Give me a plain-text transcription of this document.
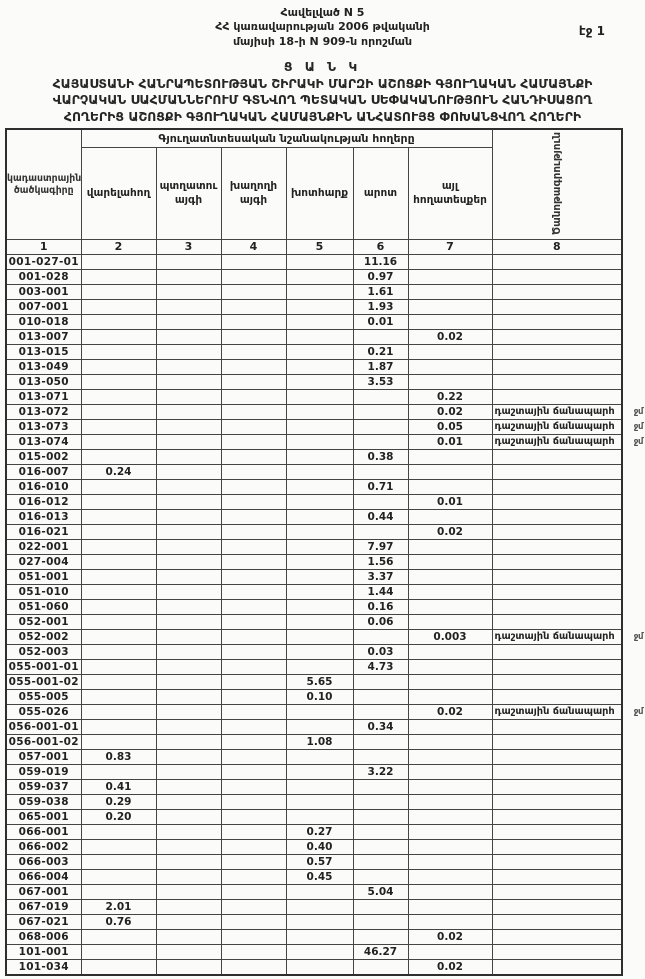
Հավելված N 5
ՀՀ կառավարության 2006 թվականի
մայիսի 18-ի N 909-ն որոշման
էջ 1
Ց Ա Ն Կ
ՀԱՅԱՍՏԱՆԻ ՀԱՆՐԱՊԵՏՈՒԹՅԱՆ ՇԻՐԱԿԻ ՄԱՐԶԻ ԱՇՈՑՔԻ ԳՅՈՒՂԱԿԱՆ ՀԱՄԱՅՆՔԻ
ՎԱՐՉԱԿԱՆ ՍԱՀՄԱՆՆԵՐՈՒՄ ԳՏՆՎՈՂ ՊԵՏԱԿԱՆ ՍԵՓԱԿԱՆՈՒԹՅՈՒՆ ՀԱՆԴԻՍԱՑՈՂ
ՀՈՂԵՐԻՑ ԱՇՈՑՔԻ ԳՅՈՒՂԱԿԱՆ ՀԱՄԱՅՆՔԻՆ ԱՆՀԱՏՈՒՅՑ ՓՈԽԱՆՑՎՈՂ ՀՈՂԵՐԻ
կադաստրային ծածկագիրը	Գյուղատնտեսական նշանակության հողերը						Ծանոթագրություն
	վարելահող	պտղատու այգի	խաղողի այգի	խոտհարք	արոտ	այլ հողատեսքեր	
1	2	3	4	5	6	7	8
001-027-01					11.16		

001-028					0.97		

003-001					1.61		

007-001					1.93		

010-018					0.01		

013-007						0.02	

013-015					0.21		

013-049					1.87		

013-050					3.53		

013-071						0.22	

013-072						0.02	դաշտային ճանապարհ ջմ

013-073						0.05	դաշտային ճանապարհ ջմ

013-074						0.01	դաշտային ճանապարհ ջմ

015-002					0.38		

016-007	0.24						

016-010					0.71		

016-012						0.01	

016-013					0.44		

016-021						0.02	

022-001					7.97		

027-004					1.56		

051-001					3.37		

051-010					1.44		

051-060					0.16		

052-001					0.06		

052-002						0.003	դաշտային ճանապարհ ջմ

052-003					0.03		

055-001-01					4.73		

055-001-02				5.65			

055-005				0.10			

055-026						0.02	դաշտային ճանապարհ ջմ

056-001-01					0.34		

056-001-02				1.08			

057-001	0.83						

059-019					3.22		

059-037	0.41						

059-038	0.29						

065-001	0.20						

066-001				0.27			

066-002				0.40			

066-003				0.57			

066-004				0.45			

067-001					5.04		

067-019	2.01						

067-021	0.76						

068-006						0.02	

101-001					46.27		

101-034						0.02	
